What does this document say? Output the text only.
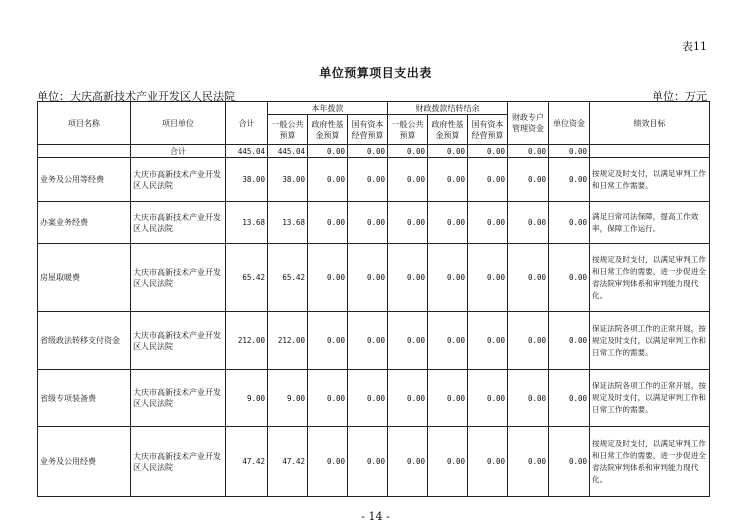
表11
单位预算项目支出表
单位：大庆高新技术产业开发区人民法院	单位：万元
项目名称	项目单位	合计	本年拨款			财政拨款结转结余			财政专户管理资金	单位资金	绩效目标
			一般公共预算	政府性基金预算	国有资本经营预算	一般公共预算	政府性基金预算	国有资本经营预算			
	合计	445.04	445.04	0.00	0.00	0.00	0.00	0.00	0.00	0.00	
业务及公用等经费	大庆市高新技术产业开发区人民法院	38.00	38.00	0.00	0.00	0.00	0.00	0.00	0.00	0.00	按规定及时支付，以满足审判工作和日常工作需要。
办案业务经费	大庆市高新技术产业开发区人民法院	13.68	13.68	0.00	0.00	0.00	0.00	0.00	0.00	0.00	满足日常司法保障，提高工作效率，保障工作运行。
房屋取暖费	大庆市高新技术产业开发区人民法院	65.42	65.42	0.00	0.00	0.00	0.00	0.00	0.00	0.00	按规定及时支付，以满足审判工作和日常工作的需要，进一步促进全省法院审判体系和审判能力现代化。
省级政法转移支付资金	大庆市高新技术产业开发区人民法院	212.00	212.00	0.00	0.00	0.00	0.00	0.00	0.00	0.00	保证法院各项工作的正常开展，按规定及时支付，以满足审判工作和日常工作的需要。
省级专项装备费	大庆市高新技术产业开发区人民法院	9.00	9.00	0.00	0.00	0.00	0.00	0.00	0.00	0.00	保证法院各项工作的正常开展，按规定及时支付，以满足审判工作和日常工作的需要。
业务及公用经费	大庆市高新技术产业开发区人民法院	47.42	47.42	0.00	0.00	0.00	0.00	0.00	0.00	0.00	按规定及时支付，以满足审判工作和日常工作的需要，进一步促进全省法院审判体系和审判能力现代化。
- 14 -
